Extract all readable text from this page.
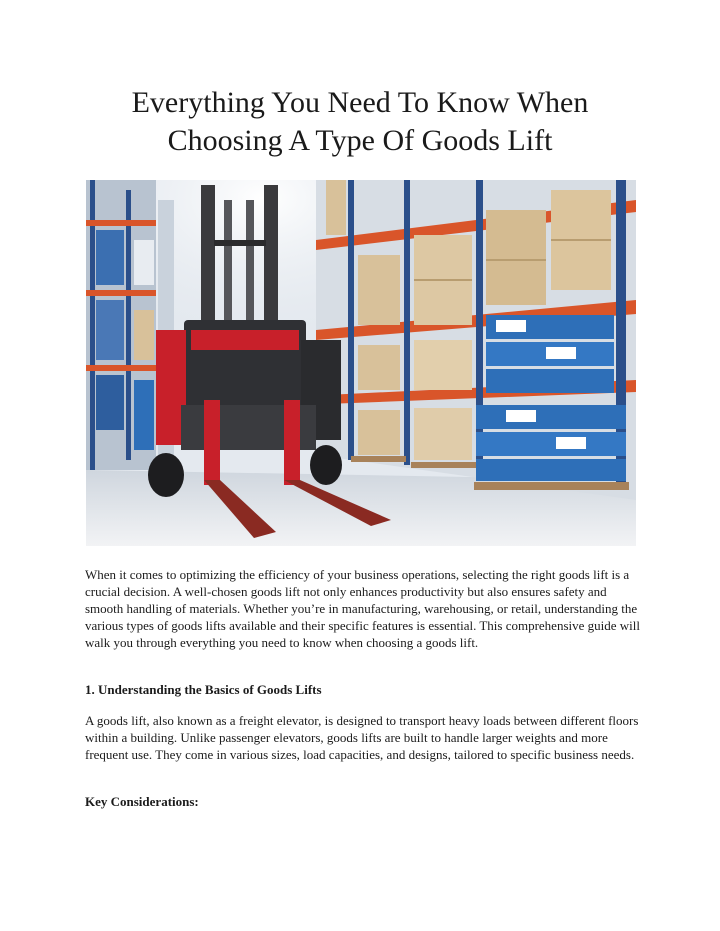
Everything You Need To Know When
Choosing A Type Of Goods Lift

When it comes to optimizing the efficiency of your business operations, selecting the right goods lift is a crucial decision. A well-chosen goods lift not only enhances productivity but also ensures safety and smooth handling of materials. Whether you’re in manufacturing, warehousing, or retail, understanding the various types of goods lifts available and their specific features is essential. This comprehensive guide will walk you through everything you need to know when choosing a goods lift.

1. Understanding the Basics of Goods Lifts

A goods lift, also known as a freight elevator, is designed to transport heavy loads between different floors within a building. Unlike passenger elevators, goods lifts are built to handle larger weights and more frequent use. They come in various sizes, load capacities, and designs, tailored to specific business needs.

Key Considerations:
